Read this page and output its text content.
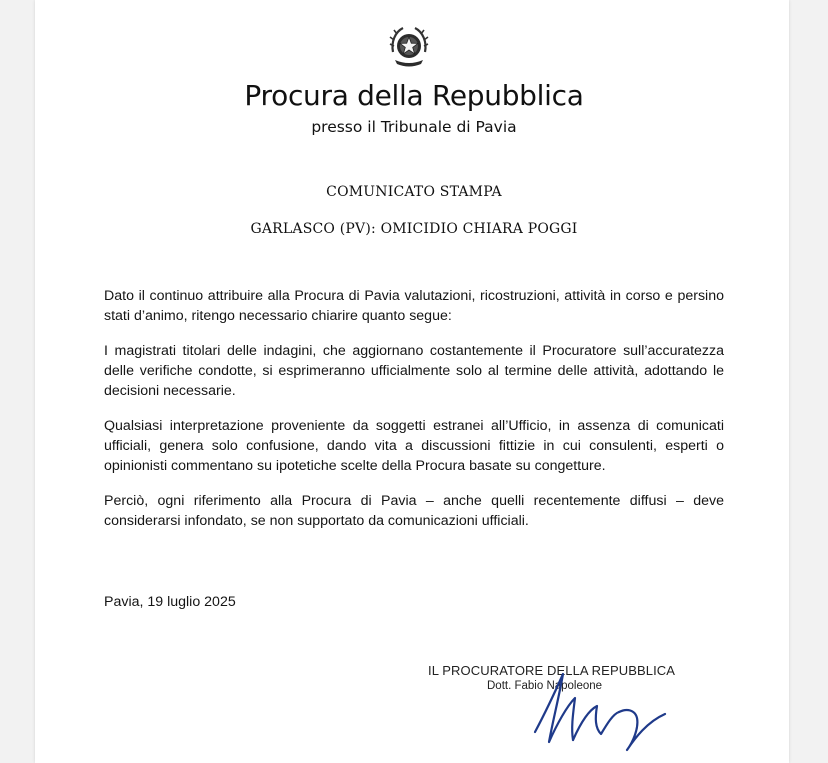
Procura della Repubblica
presso il Tribunale di Pavia
COMUNICATO STAMPA
GARLASCO (PV): OMICIDIO CHIARA POGGI

Dato il continuo attribuire alla Procura di Pavia valutazioni, ricostruzioni, attività in corso e persino stati d’animo, ritengo necessario chiarire quanto segue:

I magistrati titolari delle indagini, che aggiornano costantemente il Procuratore sull’accuratezza delle verifiche condotte, si esprimeranno ufficialmente solo al termine delle attività, adottando le decisioni necessarie.

Qualsiasi interpretazione proveniente da soggetti estranei all’Ufficio, in assenza di comunicati ufficiali, genera solo confusione, dando vita a discussioni fittizie in cui consulenti, esperti o opinionisti commentano su ipotetiche scelte della Procura basate su congetture.

Perciò, ogni riferimento alla Procura di Pavia – anche quelli recentemente diffusi – deve considerarsi infondato, se non supportato da comunicazioni ufficiali.

Pavia, 19 luglio 2025
IL PROCURATORE DELLA REPUBBLICA
Dott. Fabio Napoleone
